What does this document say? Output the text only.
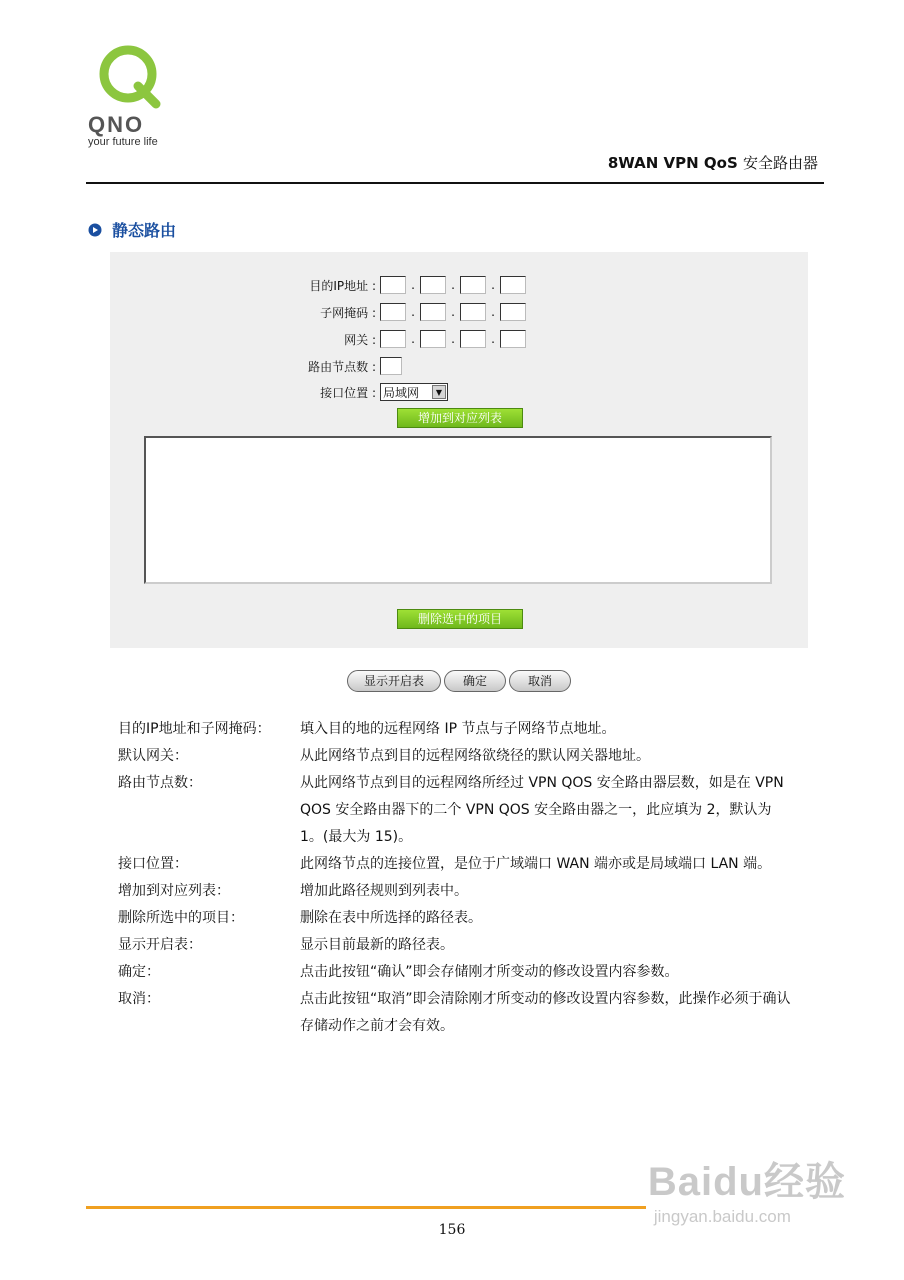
QNO
your future life
8WAN VPN QoS 安全路由器
静态路由
目的IP地址 :	.	.	.
子网掩码 :	.	.	.
网关 :	.	.	.
路由节点数 :
接口位置 : 局域网	▼
增加到对应列表
删除选中的项目
显示开启表	确定	取消
目的IP地址和子网掩码：	填入目的地的远程网络 IP 节点与子网络节点地址。
默认网关：	从此网络节点到目的远程网络欲绕径的默认网关器地址。
路由节点数：	从此网络节点到目的远程网络所经过 VPN QOS 安全路由器层数，如是在 VPN QOS 安全路由器下的二个 VPN QOS 安全路由器之一，此应填为 2，默认为 1。(最大为 15)。
接口位置：	此网络节点的连接位置，是位于广域端口 WAN 端亦或是局域端口 LAN 端。
增加到对应列表：	增加此路径规则到列表中。
删除所选中的项目：	删除在表中所选择的路径表。
显示开启表：	显示目前最新的路径表。
确定：	点击此按钮“确认”即会存储刚才所变动的修改设置内容参数。
取消：	点击此按钮“取消”即会清除刚才所变动的修改设置内容参数，此操作必须于确认存储动作之前才会有效。
156
Baidu经验
jingyan.baidu.com
